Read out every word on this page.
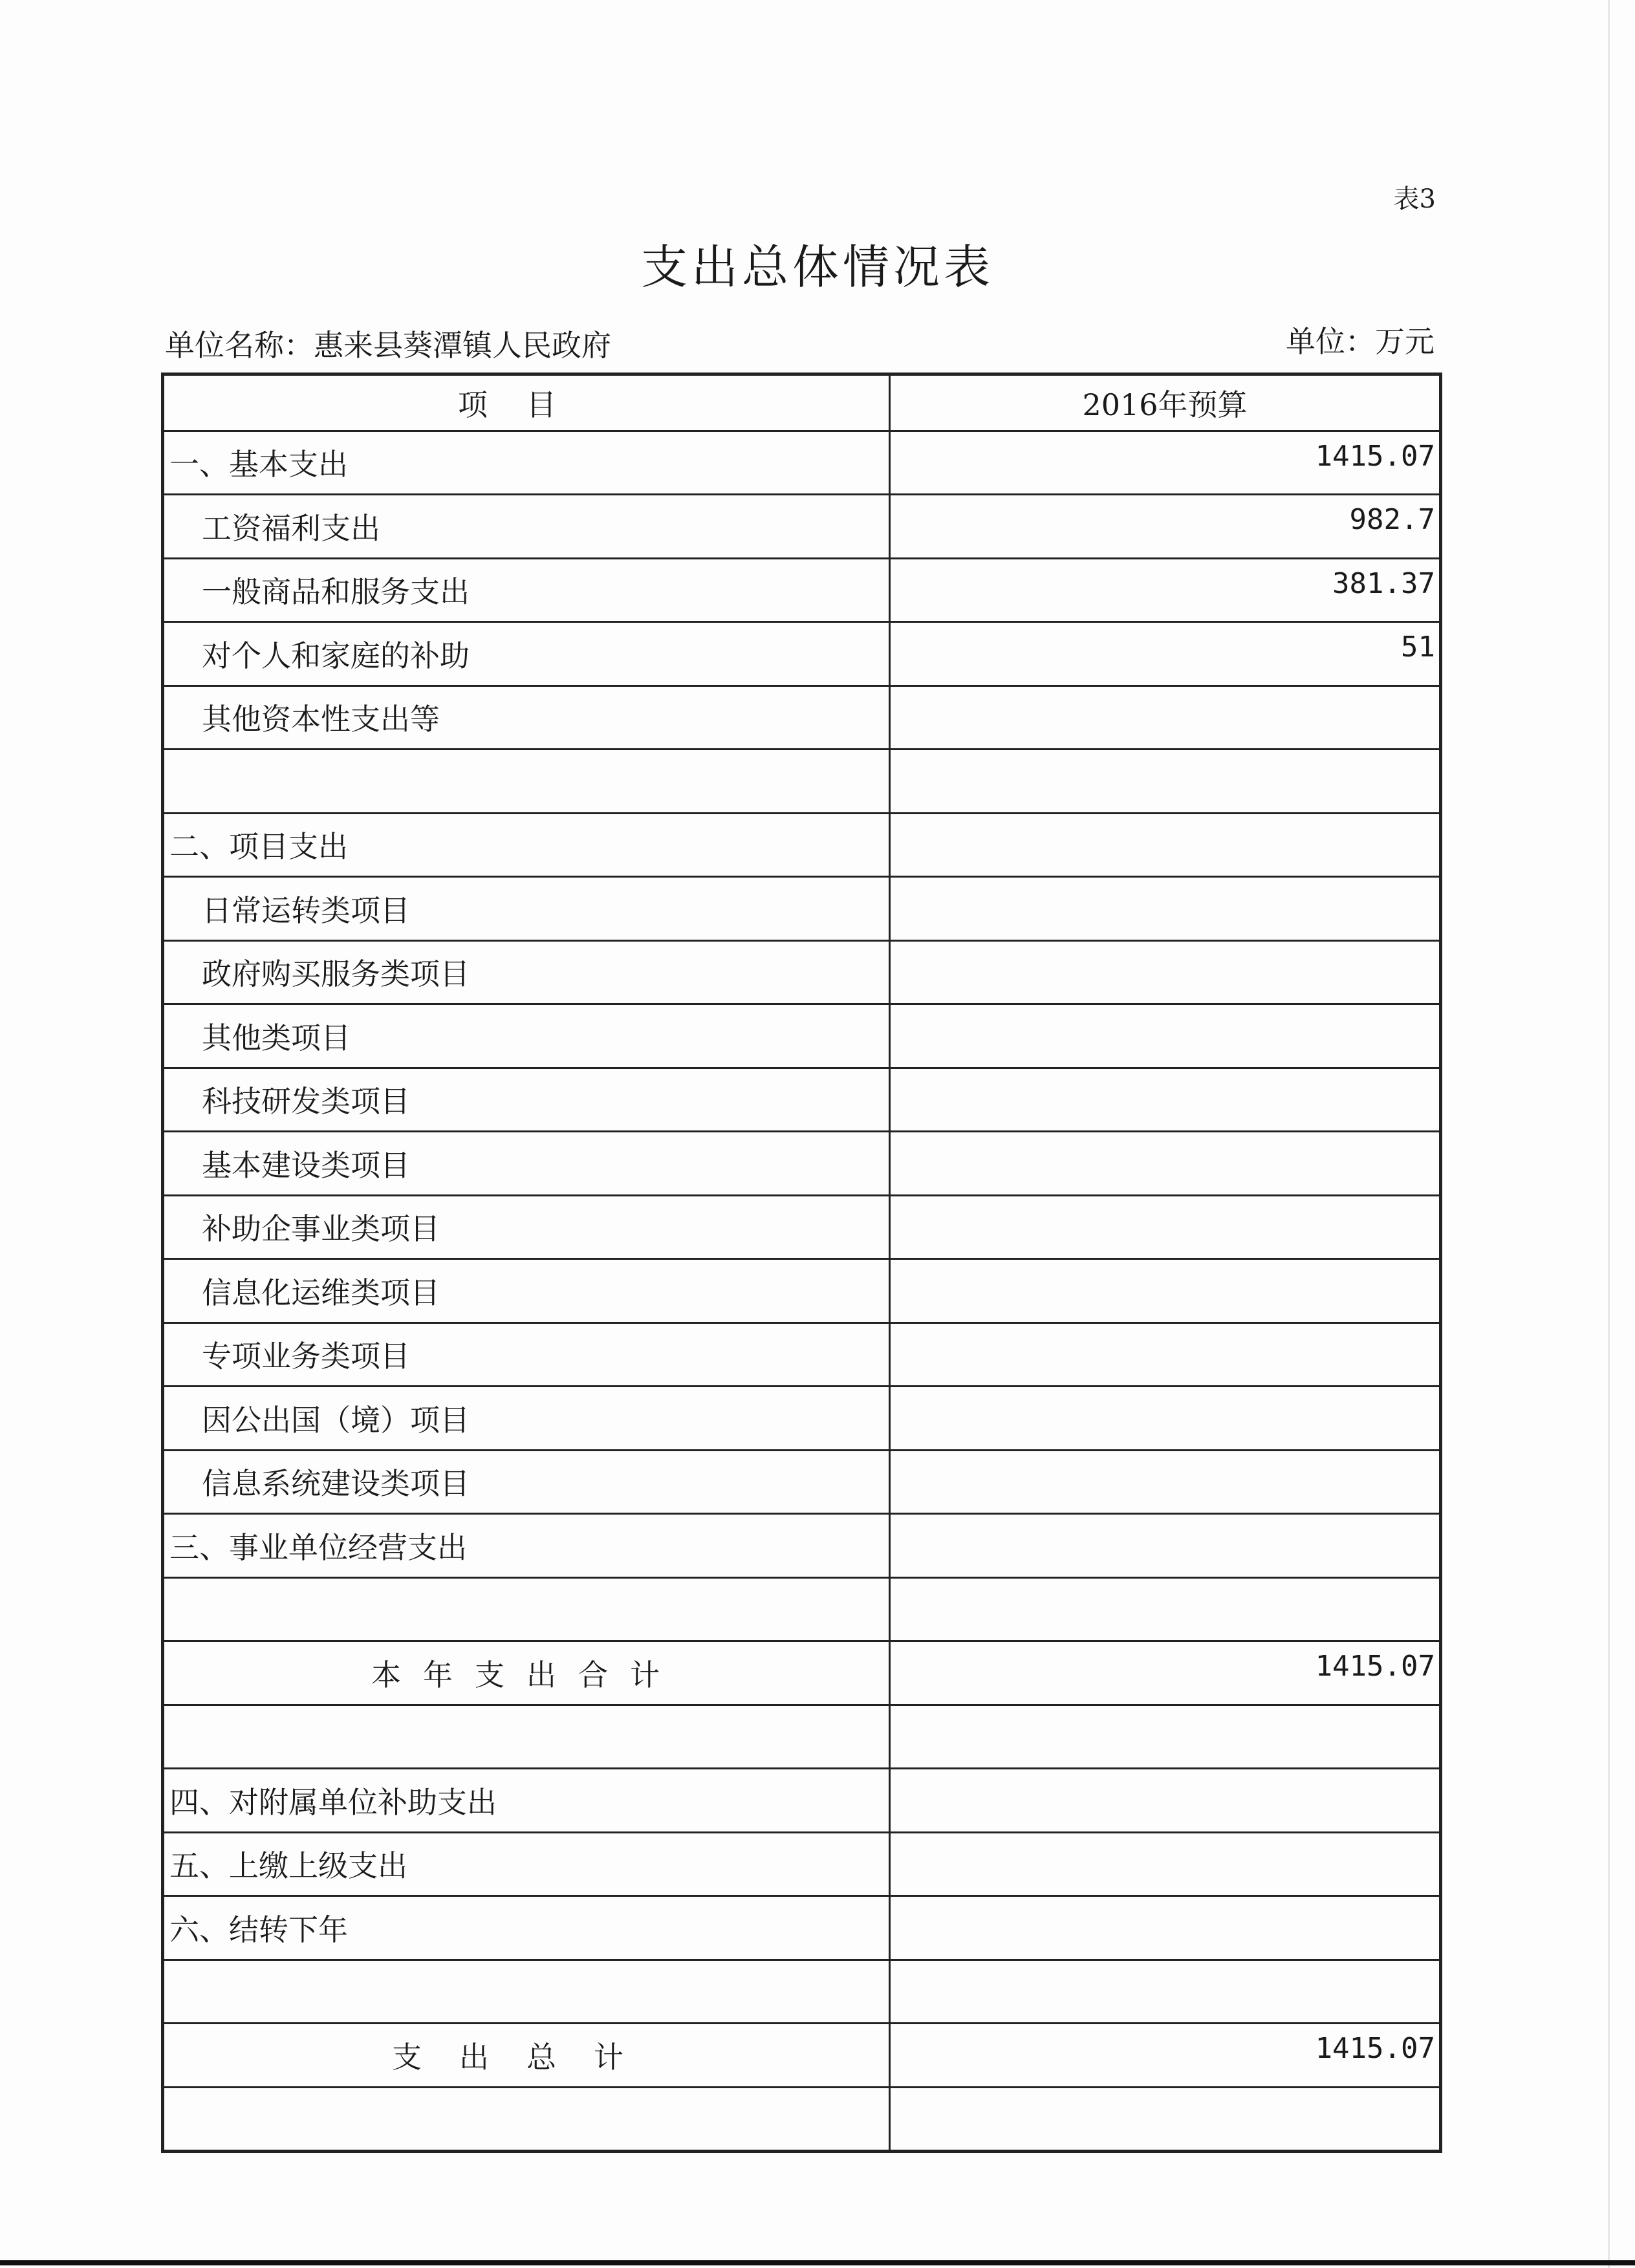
表3
支出总体情况表
单位名称：惠来县葵潭镇人民政府	单位：万元
项目	2016年预算
一、基本支出	1415.07
工资福利支出	982.7
一般商品和服务支出	381.37
对个人和家庭的补助	51
其他资本性支出等	

二、项目支出	
日常运转类项目	
政府购买服务类项目	
其他类项目	
科技研发类项目	
基本建设类项目	
补助企事业类项目	
信息化运维类项目	
专项业务类项目	
因公出国（境）项目	
信息系统建设类项目	
三、事业单位经营支出	

本年支出合计	1415.07

四、对附属单位补助支出	
五、上缴上级支出	
六、结转下年	

支出总计	1415.07
